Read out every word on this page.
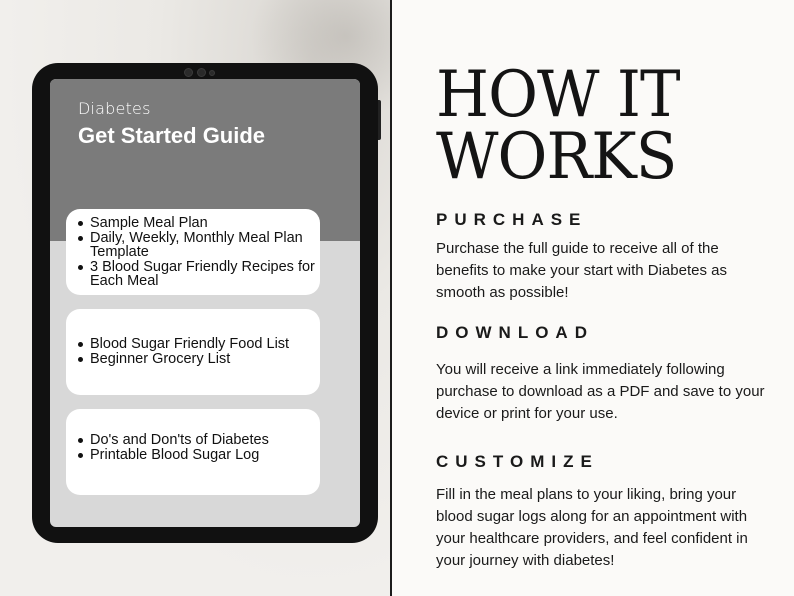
Diabetes
Get Started Guide
Sample Meal Plan
Daily, Weekly, Monthly Meal Plan Template
3 Blood Sugar Friendly Recipes for Each Meal
Blood Sugar Friendly Food List
Beginner Grocery List
Do's and Don'ts of Diabetes
Printable Blood Sugar Log
HOW IT
WORKS
PURCHASE
Purchase the full guide to receive all of the benefits to make your start with Diabetes as smooth as possible!
DOWNLOAD
You will receive a link immediately following purchase to download as a PDF and save to your device or print for your use.
CUSTOMIZE
Fill in the meal plans to your liking, bring your blood sugar logs along for an appointment with your healthcare providers, and feel confident in your journey with diabetes!
